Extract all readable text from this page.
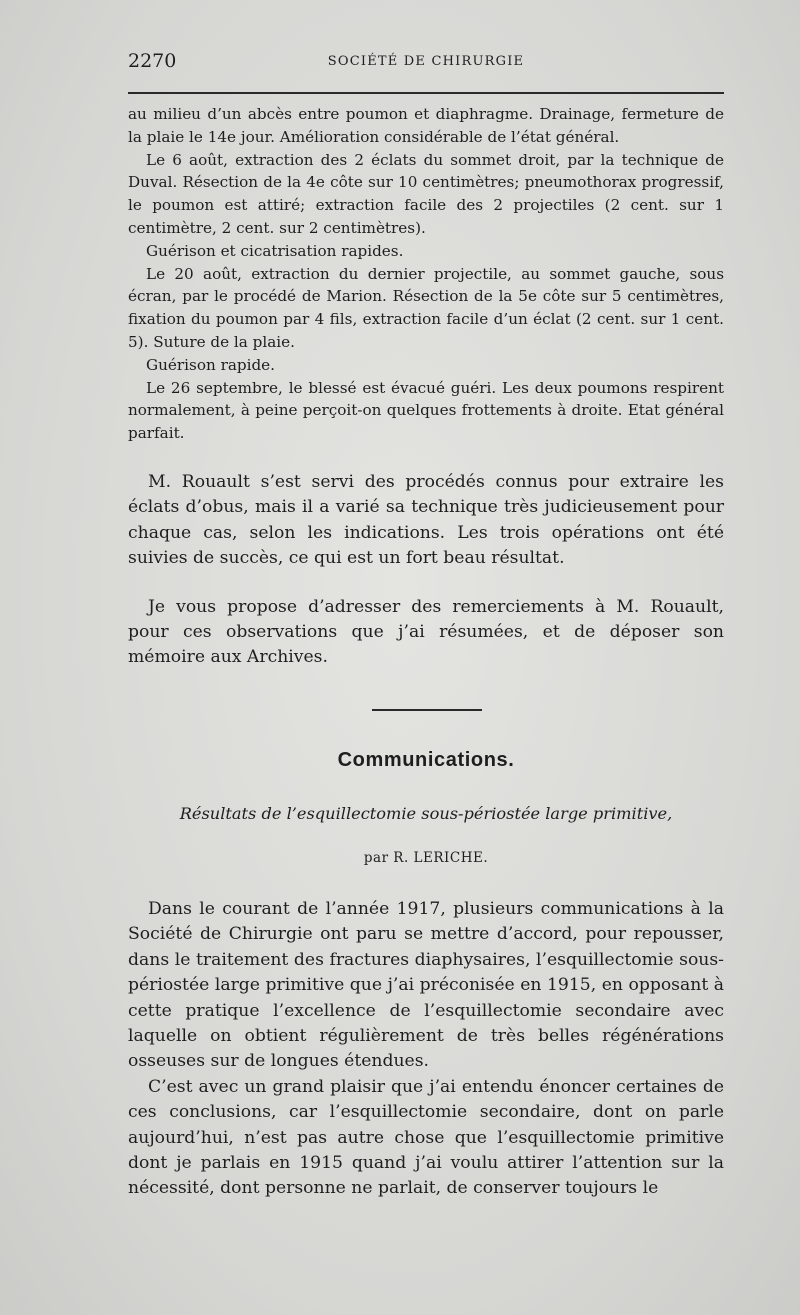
2270	SOCIÉTÉ DE CHIRURGIE

au milieu d’un abcès entre poumon et diaphragme. Drainage, fermeture de la plaie le 14e jour. Amélioration considérable de l’état général.

Le 6 août, extraction des 2 éclats du sommet droit, par la technique de Duval. Résection de la 4e côte sur 10 centimètres; pneumothorax progressif, le poumon est attiré; extraction facile des 2 projectiles (2 cent. sur 1 centimètre, 2 cent. sur 2 centimètres).

Guérison et cicatrisation rapides.

Le 20 août, extraction du dernier projectile, au sommet gauche, sous écran, par le procédé de Marion. Résection de la 5e côte sur 5 centimètres, fixation du poumon par 4 fils, extraction facile d’un éclat (2 cent. sur 1 cent. 5). Suture de la plaie.

Guérison rapide.

Le 26 septembre, le blessé est évacué guéri. Les deux poumons respirent normalement, à peine perçoit-on quelques frottements à droite. Etat général parfait.

M. Rouault s’est servi des procédés connus pour extraire les éclats d’obus, mais il a varié sa technique très judicieusement pour chaque cas, selon les indications. Les trois opérations ont été suivies de succès, ce qui est un fort beau résultat.

Je vous propose d’adresser des remerciements à M. Rouault, pour ces observations que j’ai résumées, et de déposer son mémoire aux Archives.

Communications.
Résultats de l’esquillectomie sous-périostée large primitive,
par R. LERICHE.

Dans le courant de l’année 1917, plusieurs communications à la Société de Chirurgie ont paru se mettre d’accord, pour repousser, dans le traitement des fractures diaphysaires, l’esquillectomie sous-périostée large primitive que j’ai préconisée en 1915, en opposant à cette pratique l’excellence de l’esquillectomie secondaire avec laquelle on obtient régulièrement de très belles régénérations osseuses sur de longues étendues.

C’est avec un grand plaisir que j’ai entendu énoncer certaines de ces conclusions, car l’esquillectomie secondaire, dont on parle aujourd’hui, n’est pas autre chose que l’esquillectomie primitive dont je parlais en 1915 quand j’ai voulu attirer l’attention sur la nécessité, dont personne ne parlait, de conserver toujours le
